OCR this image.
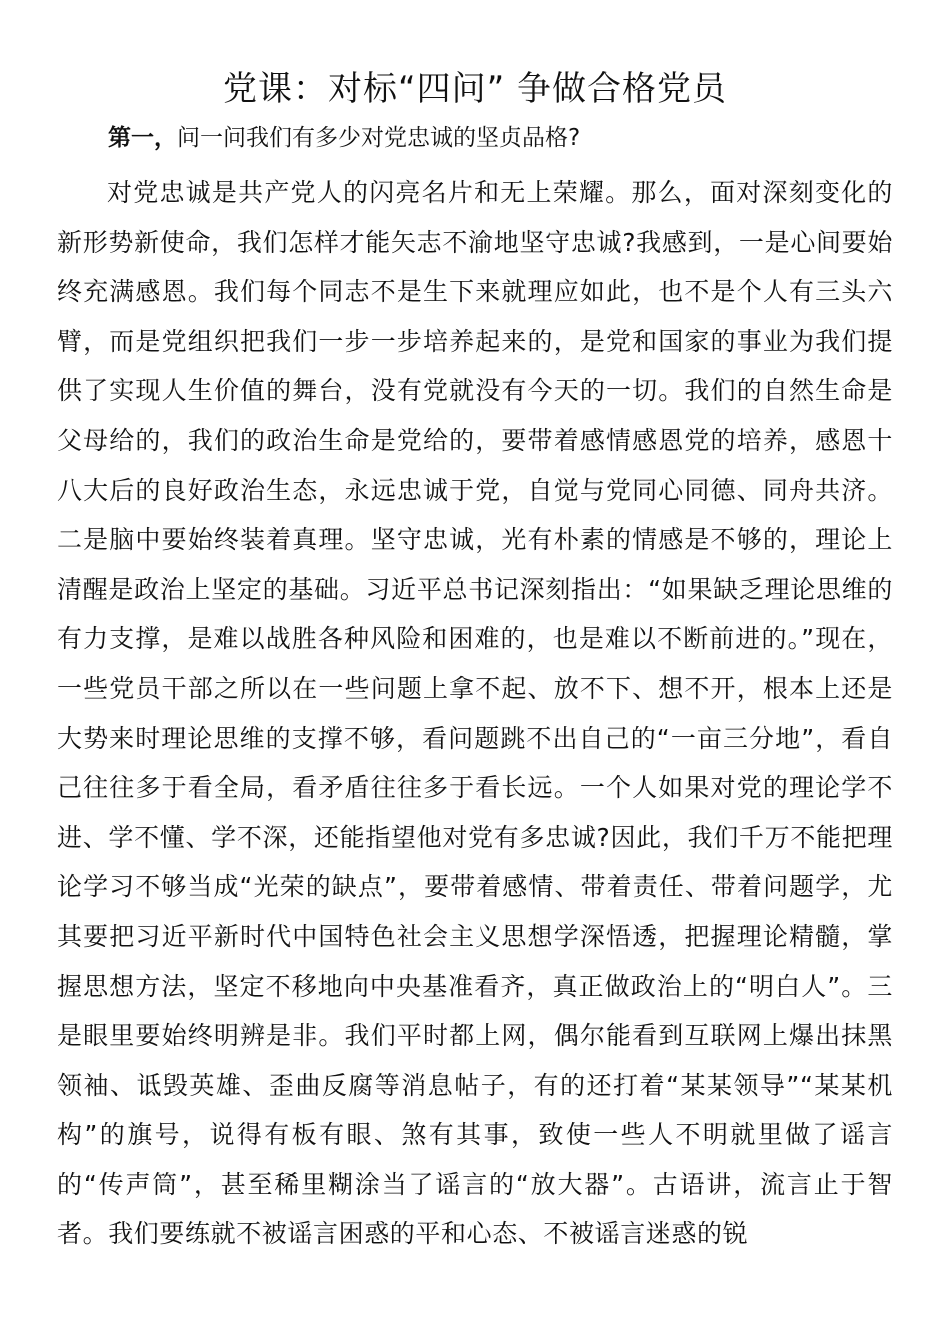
党课：对标“四问” 争做合格党员

第一，问一问我们有多少对党忠诚的坚贞品格?

对党忠诚是共产党人的闪亮名片和无上荣耀。那么，面对深刻变化的新形势新使命，我们怎样才能矢志不渝地坚守忠诚?我感到，一是心间要始终充满感恩。我们每个同志不是生下来就理应如此，也不是个人有三头六臂，而是党组织把我们一步一步培养起来的，是党和国家的事业为我们提供了实现人生价值的舞台，没有党就没有今天的一切。我们的自然生命是父母给的，我们的政治生命是党给的，要带着感情感恩党的培养，感恩十八大后的良好政治生态，永远忠诚于党，自觉与党同心同德、同舟共济。二是脑中要始终装着真理。坚守忠诚，光有朴素的情感是不够的，理论上清醒是政治上坚定的基础。习近平总书记深刻指出：“如果缺乏理论思维的有力支撑，是难以战胜各种风险和困难的，也是难以不断前进的。”现在，一些党员干部之所以在一些问题上拿不起、放不下、想不开，根本上还是大势来时理论思维的支撑不够，看问题跳不出自己的“一亩三分地”，看自己往往多于看全局，看矛盾往往多于看长远。一个人如果对党的理论学不进、学不懂、学不深，还能指望他对党有多忠诚?因此，我们千万不能把理论学习不够当成“光荣的缺点”，要带着感情、带着责任、带着问题学，尤其要把习近平新时代中国特色社会主义思想学深悟透，把握理论精髓，掌握思想方法，坚定不移地向中央基准看齐，真正做政治上的“明白人”。三是眼里要始终明辨是非。我们平时都上网，偶尔能看到互联网上爆出抹黑领袖、诋毁英雄、歪曲反腐等消息帖子，有的还打着“某某领导”“某某机构”的旗号，说得有板有眼、煞有其事，致使一些人不明就里做了谣言的“传声筒”，甚至稀里糊涂当了谣言的“放大器”。古语讲，流言止于智者。我们要练就不被谣言困惑的平和心态、不被谣言迷惑的锐
